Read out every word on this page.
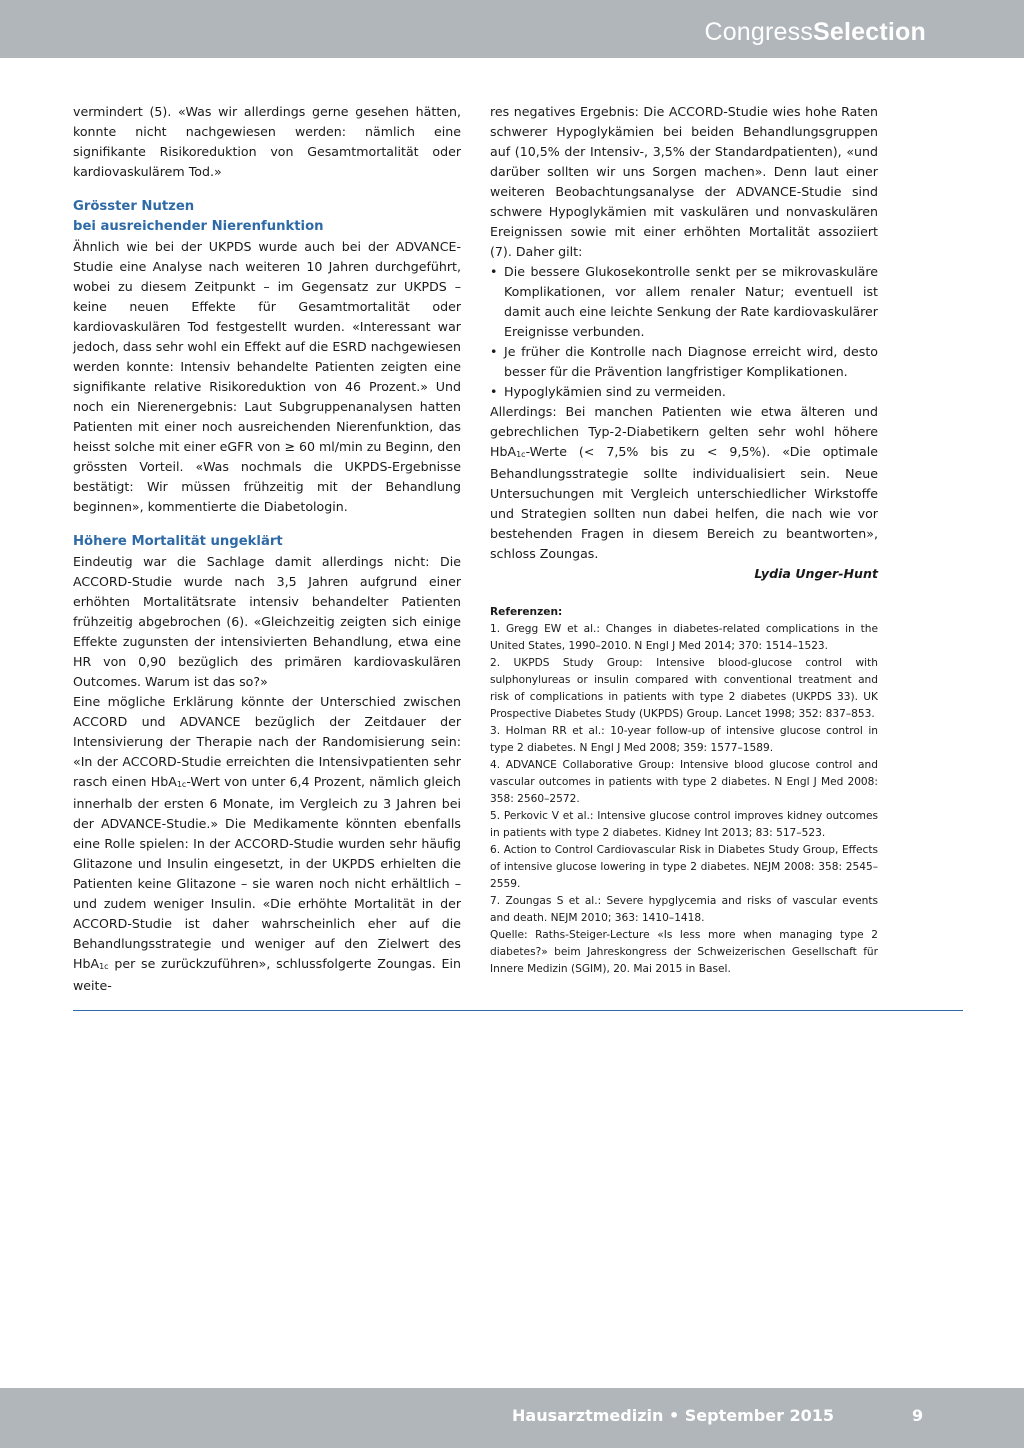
CongressSelection

vermindert (5). «Was wir allerdings gerne gesehen hätten, konnte nicht nachgewiesen werden: nämlich eine signifikante Risikoreduktion von Gesamtmortalität oder kardiovaskulärem Tod.»

Grösster Nutzen
bei ausreichender Nierenfunktion

Ähnlich wie bei der UKPDS wurde auch bei der ADVANCE-Studie eine Analyse nach weiteren 10 Jahren durchgeführt, wobei zu diesem Zeitpunkt – im Gegensatz zur UKPDS – keine neuen Effekte für Gesamtmortalität oder kardiovaskulären Tod festgestellt wurden. «Interessant war jedoch, dass sehr wohl ein Effekt auf die ESRD nachgewiesen werden konnte: Intensiv behandelte Patienten zeigten eine signifikante relative Risikoreduktion von 46 Prozent.» Und noch ein Nierenergebnis: Laut Subgruppenanalysen hatten Patienten mit einer noch ausreichenden Nierenfunktion, das heisst solche mit einer eGFR von ≥ 60 ml/min zu Beginn, den grössten Vorteil. «Was nochmals die UKPDS-Ergebnisse bestätigt: Wir müssen frühzeitig mit der Behandlung beginnen», kommentierte die Diabetologin.

Höhere Mortalität ungeklärt

Eindeutig war die Sachlage damit allerdings nicht: Die ACCORD-Studie wurde nach 3,5 Jahren aufgrund einer erhöhten Mortalitätsrate intensiv behandelter Patienten frühzeitig abgebrochen (6). «Gleichzeitig zeigten sich einige Effekte zugunsten der intensivierten Behandlung, etwa eine HR von 0,90 bezüglich des primären kardiovaskulären Outcomes. Warum ist das so?»

Eine mögliche Erklärung könnte der Unterschied zwischen ACCORD und ADVANCE bezüglich der Zeitdauer der Intensivierung der Therapie nach der Randomisierung sein: «In der ACCORD-Studie erreichten die Intensivpatienten sehr rasch einen HbA1c-Wert von unter 6,4 Prozent, nämlich gleich innerhalb der ersten 6 Monate, im Vergleich zu 3 Jahren bei der ADVANCE-Studie.» Die Medikamente könnten ebenfalls eine Rolle spielen: In der ACCORD-Studie wurden sehr häufig Glitazone und Insulin eingesetzt, in der UKPDS erhielten die Patienten keine Glitazone – sie waren noch nicht erhältlich – und zudem weniger Insulin. «Die erhöhte Mortalität in der ACCORD-Studie ist daher wahrscheinlich eher auf die Behandlungsstrategie und weniger auf den Zielwert des HbA1c per se zurückzuführen», schlussfolgerte Zoungas. Ein weite-

res negatives Ergebnis: Die ACCORD-Studie wies hohe Raten schwerer Hypoglykämien bei beiden Behandlungsgruppen auf (10,5% der Intensiv-, 3,5% der Standardpatienten), «und darüber sollten wir uns Sorgen machen». Denn laut einer weiteren Beobachtungsanalyse der ADVANCE-Studie sind schwere Hypoglykämien mit vaskulären und nonvaskulären Ereignissen sowie mit einer erhöhten Mortalität assoziiert (7). Daher gilt:

• Die bessere Glukosekontrolle senkt per se mikrovaskuläre Komplikationen, vor allem renaler Natur; eventuell ist damit auch eine leichte Senkung der Rate kardiovaskulärer Ereignisse verbunden.
• Je früher die Kontrolle nach Diagnose erreicht wird, desto besser für die Prävention langfristiger Komplikationen.
• Hypoglykämien sind zu vermeiden.

Allerdings: Bei manchen Patienten wie etwa älteren und gebrechlichen Typ-2-Diabetikern gelten sehr wohl höhere HbA1c-Werte (< 7,5% bis zu < 9,5%). «Die optimale Behandlungsstrategie sollte individualisiert sein. Neue Untersuchungen mit Vergleich unterschiedlicher Wirkstoffe und Strategien sollten nun dabei helfen, die nach wie vor bestehenden Fragen in diesem Bereich zu beantworten», schloss Zoungas.

Lydia Unger-Hunt

Referenzen:

1. Gregg EW et al.: Changes in diabetes-related complications in the United States, 1990–2010. N Engl J Med 2014; 370: 1514–1523.
2. UKPDS Study Group: Intensive blood-glucose control with sulphonylureas or insulin compared with conventional treatment and risk of complications in patients with type 2 diabetes (UKPDS 33). UK Prospective Diabetes Study (UKPDS) Group. Lancet 1998; 352: 837–853.
3. Holman RR et al.: 10-year follow-up of intensive glucose control in type 2 diabetes. N Engl J Med 2008; 359: 1577–1589.
4. ADVANCE Collaborative Group: Intensive blood glucose control and vascular outcomes in patients with type 2 diabetes. N Engl J Med 2008: 358: 2560–2572.
5. Perkovic V et al.: Intensive glucose control improves kidney outcomes in patients with type 2 diabetes. Kidney Int 2013; 83: 517–523.
6. Action to Control Cardiovascular Risk in Diabetes Study Group, Effects of intensive glucose lowering in type 2 diabetes. NEJM 2008: 358: 2545–2559.
7. Zoungas S et al.: Severe hypglycemia and risks of vascular events and death. NEJM 2010; 363: 1410–1418.

Quelle: Raths-Steiger-Lecture «Is less more when managing type 2 diabetes?» beim Jahreskongress der Schweizerischen Gesellschaft für Innere Medizin (SGIM), 20. Mai 2015 in Basel.

Hausarztmedizin • September 2015	9
